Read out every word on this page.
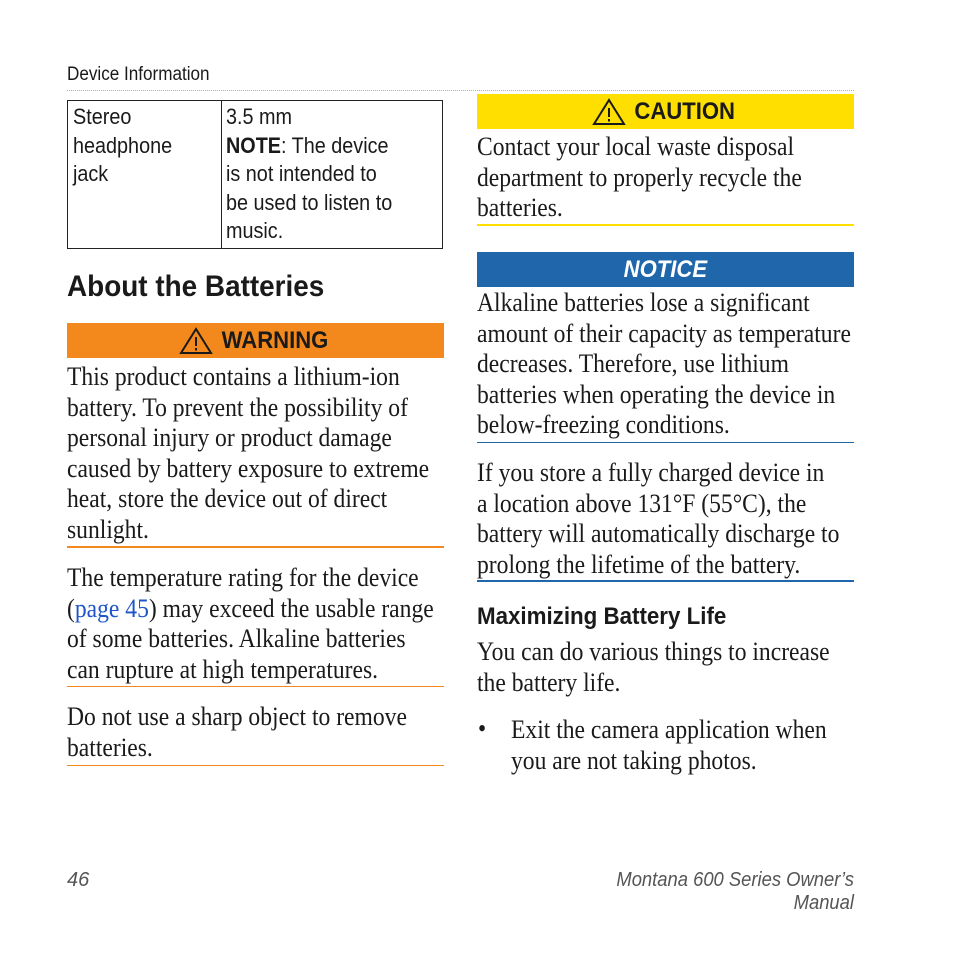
Device Information
Stereo
headphone
jack
3.5 mm
NOTE: The device
is not intended to
be used to listen to
music.
About the Batteries
WARNING
This product contains a lithium-ion
battery. To prevent the possibility of
personal injury or product damage
caused by battery exposure to extreme
heat, store the device out of direct
sunlight.
The temperature rating for the device
(page 45) may exceed the usable range
of some batteries. Alkaline batteries
can rupture at high temperatures.
Do not use a sharp object to remove
batteries.
CAUTION
Contact your local waste disposal
department to properly recycle the
batteries.
NOTICE
Alkaline batteries lose a significant
amount of their capacity as temperature
decreases. Therefore, use lithium
batteries when operating the device in
below-freezing conditions.
If you store a fully charged device in
a location above 131°F (55°C), the
battery will automatically discharge to
prolong the lifetime of the battery.
Maximizing Battery Life
You can do various things to increase
the battery life.
• Exit the camera application when
you are not taking photos.
46	Montana 600 Series Owner’s Manual
